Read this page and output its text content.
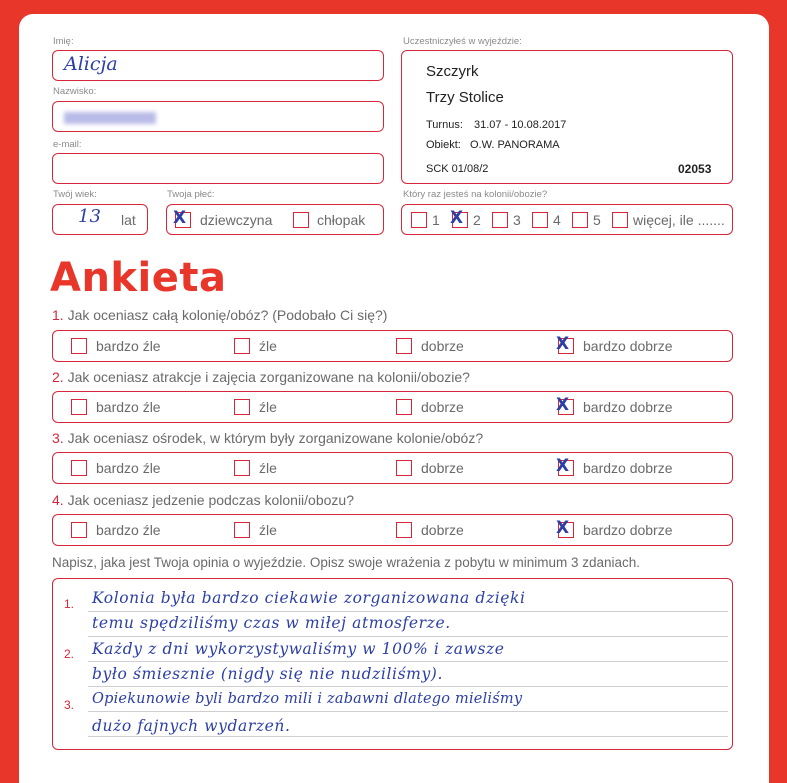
Imię:
Alicja
Nazwisko:
e-mail:
Twój wiek:
13 lat
Twoja płeć:
X dziewczyna	chłopak
Uczestniczyłeś w wyjeździe:
Szczyrk
Trzy Stolice
Turnus: 31.07 - 10.08.2017
Obiekt: O.W. PANORAMA
SCK 01/08/2	02053
Który raz jesteś na kolonii/obozie?
1 X 2 3 4 5 więcej, ile .......
Ankieta
1. Jak oceniasz całą kolonię/obóz? (Podobało Ci się?)
bardzo źle	źle	dobrze	X bardzo dobrze
2. Jak oceniasz atrakcje i zajęcia zorganizowane na kolonii/obozie?
bardzo źle	źle	dobrze	X bardzo dobrze
3. Jak oceniasz ośrodek, w którym były zorganizowane kolonie/obóz?
bardzo źle	źle	dobrze	X bardzo dobrze
4. Jak oceniasz jedzenie podczas kolonii/obozu?
bardzo źle	źle	dobrze	X bardzo dobrze
Napisz, jaka jest Twoja opinia o wyjeździe. Opisz swoje wrażenia z pobytu w minimum 3 zdaniach.
1.
2.
3.
Kolonia była bardzo ciekawie zorganizowana dzięki
temu spędziliśmy czas w miłej atmosferze.
Każdy z dni wykorzystywaliśmy w 100% i zawsze
było śmiesznie (nigdy się nie nudziliśmy).
Opiekunowie byli bardzo mili i zabawni dlatego mieliśmy
dużo fajnych wydarzeń.
